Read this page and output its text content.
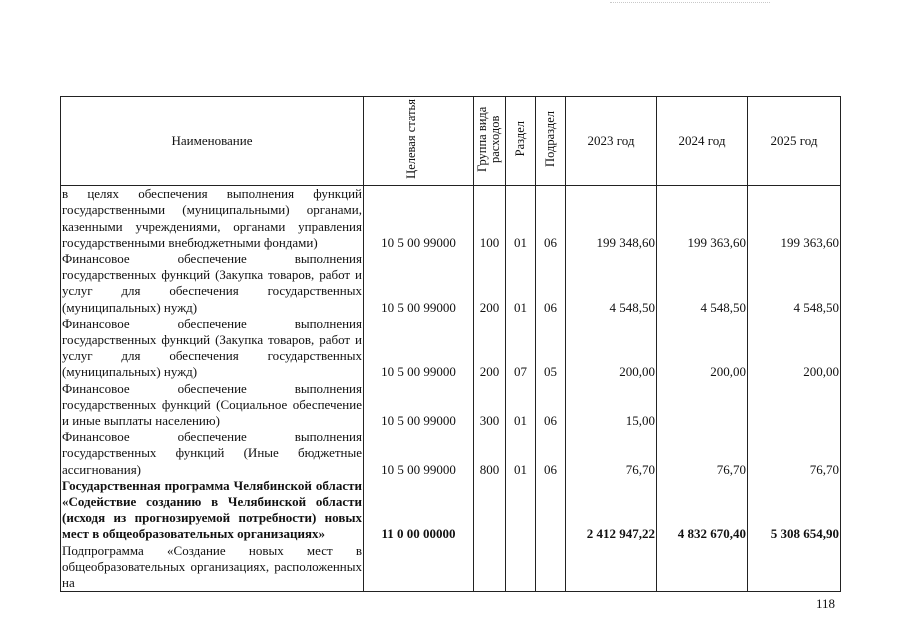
Наименование	Целевая статья	Группа вида расходов	Раздел	Подраздел	2023 год	2024 год	2025 год
в целях обеспечения выполнения функций государственными (муниципальными) органами, казенными учреждениями, органами управления государственными внебюджетными фондами)	10 5 00 99000	100	01	06	199 348,60	199 363,60	199 363,60
Финансовое обеспечение выполнения государственных функций (Закупка товаров, работ и услуг для обеспечения государственных (муниципальных) нужд)	10 5 00 99000	200	01	06	4 548,50	4 548,50	4 548,50
Финансовое обеспечение выполнения государственных функций (Закупка товаров, работ и услуг для обеспечения государственных (муниципальных) нужд)	10 5 00 99000	200	07	05	200,00	200,00	200,00
Финансовое обеспечение выполнения государственных функций (Социальное обеспечение и иные выплаты населению)	10 5 00 99000	300	01	06	15,00		
Финансовое обеспечение выполнения государственных функций (Иные бюджетные ассигнования)	10 5 00 99000	800	01	06	76,70	76,70	76,70
Государственная программа Челябинской области «Содействие созданию в Челябинской области (исходя из прогнозируемой потребности) новых мест в общеобразовательных организациях»	11 0 00 00000				2 412 947,22	4 832 670,40	5 308 654,90
Подпрограмма «Создание новых мест в общеобразовательных организациях, расположенных на							
118
